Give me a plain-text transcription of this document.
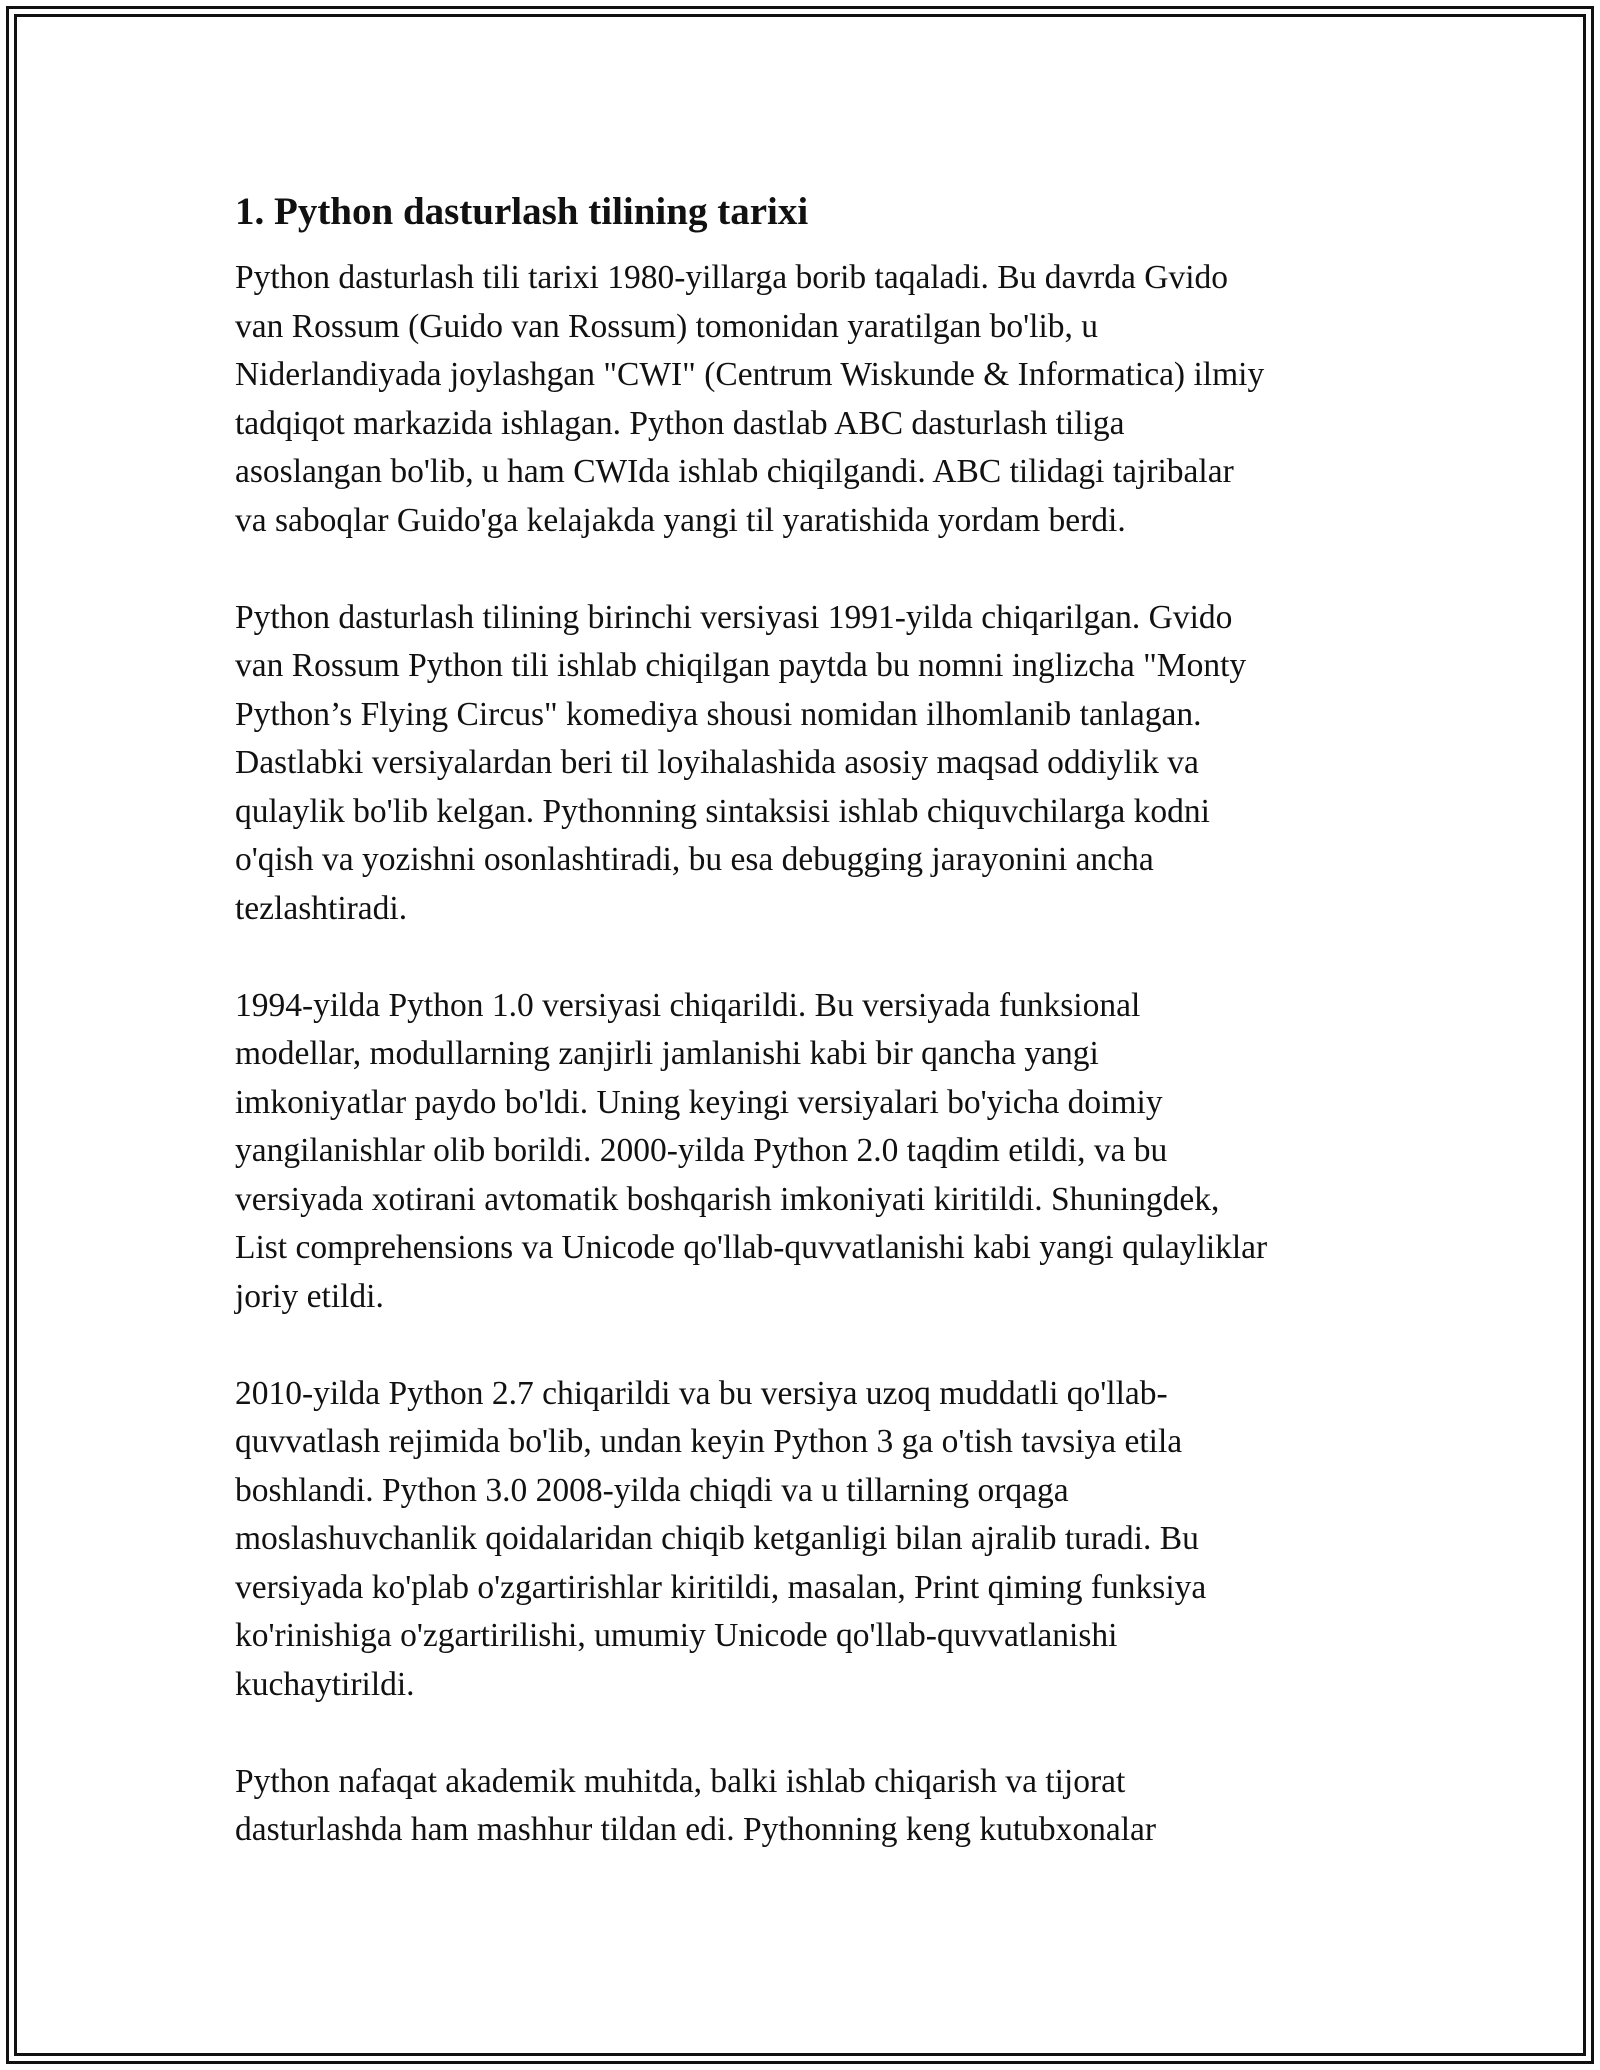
1. Python dasturlash tilining tarixi
Python dasturlash tili tarixi 1980-yillarga borib taqaladi. Bu davrda Gvido
van Rossum (Guido van Rossum) tomonidan yaratilgan bo'lib, u
Niderlandiyada joylashgan "CWI" (Centrum Wiskunde & Informatica) ilmiy
tadqiqot markazida ishlagan. Python dastlab ABC dasturlash tiliga
asoslangan bo'lib, u ham CWIda ishlab chiqilgandi. ABC tilidagi tajribalar
va saboqlar Guido'ga kelajakda yangi til yaratishida yordam berdi.
Python dasturlash tilining birinchi versiyasi 1991-yilda chiqarilgan. Gvido
van Rossum Python tili ishlab chiqilgan paytda bu nomni inglizcha "Monty
Python’s Flying Circus" komediya shousi nomidan ilhomlanib tanlagan.
Dastlabki versiyalardan beri til loyihalashida asosiy maqsad oddiylik va
qulaylik bo'lib kelgan. Pythonning sintaksisi ishlab chiquvchilarga kodni
o'qish va yozishni osonlashtiradi, bu esa debugging jarayonini ancha
tezlashtiradi.
1994-yilda Python 1.0 versiyasi chiqarildi. Bu versiyada funksional
modellar, modullarning zanjirli jamlanishi kabi bir qancha yangi
imkoniyatlar paydo bo'ldi. Uning keyingi versiyalari bo'yicha doimiy
yangilanishlar olib borildi. 2000-yilda Python 2.0 taqdim etildi, va bu
versiyada xotirani avtomatik boshqarish imkoniyati kiritildi. Shuningdek,
List comprehensions va Unicode qo'llab-quvvatlanishi kabi yangi qulayliklar
joriy etildi.
2010-yilda Python 2.7 chiqarildi va bu versiya uzoq muddatli qo'llab-
quvvatlash rejimida bo'lib, undan keyin Python 3 ga o'tish tavsiya etila
boshlandi. Python 3.0 2008-yilda chiqdi va u tillarning orqaga
moslashuvchanlik qoidalaridan chiqib ketganligi bilan ajralib turadi. Bu
versiyada ko'plab o'zgartirishlar kiritildi, masalan, Print qiming funksiya
ko'rinishiga o'zgartirilishi, umumiy Unicode qo'llab-quvvatlanishi
kuchaytirildi.
Python nafaqat akademik muhitda, balki ishlab chiqarish va tijorat
dasturlashda ham mashhur tildan edi. Pythonning keng kutubxonalar
